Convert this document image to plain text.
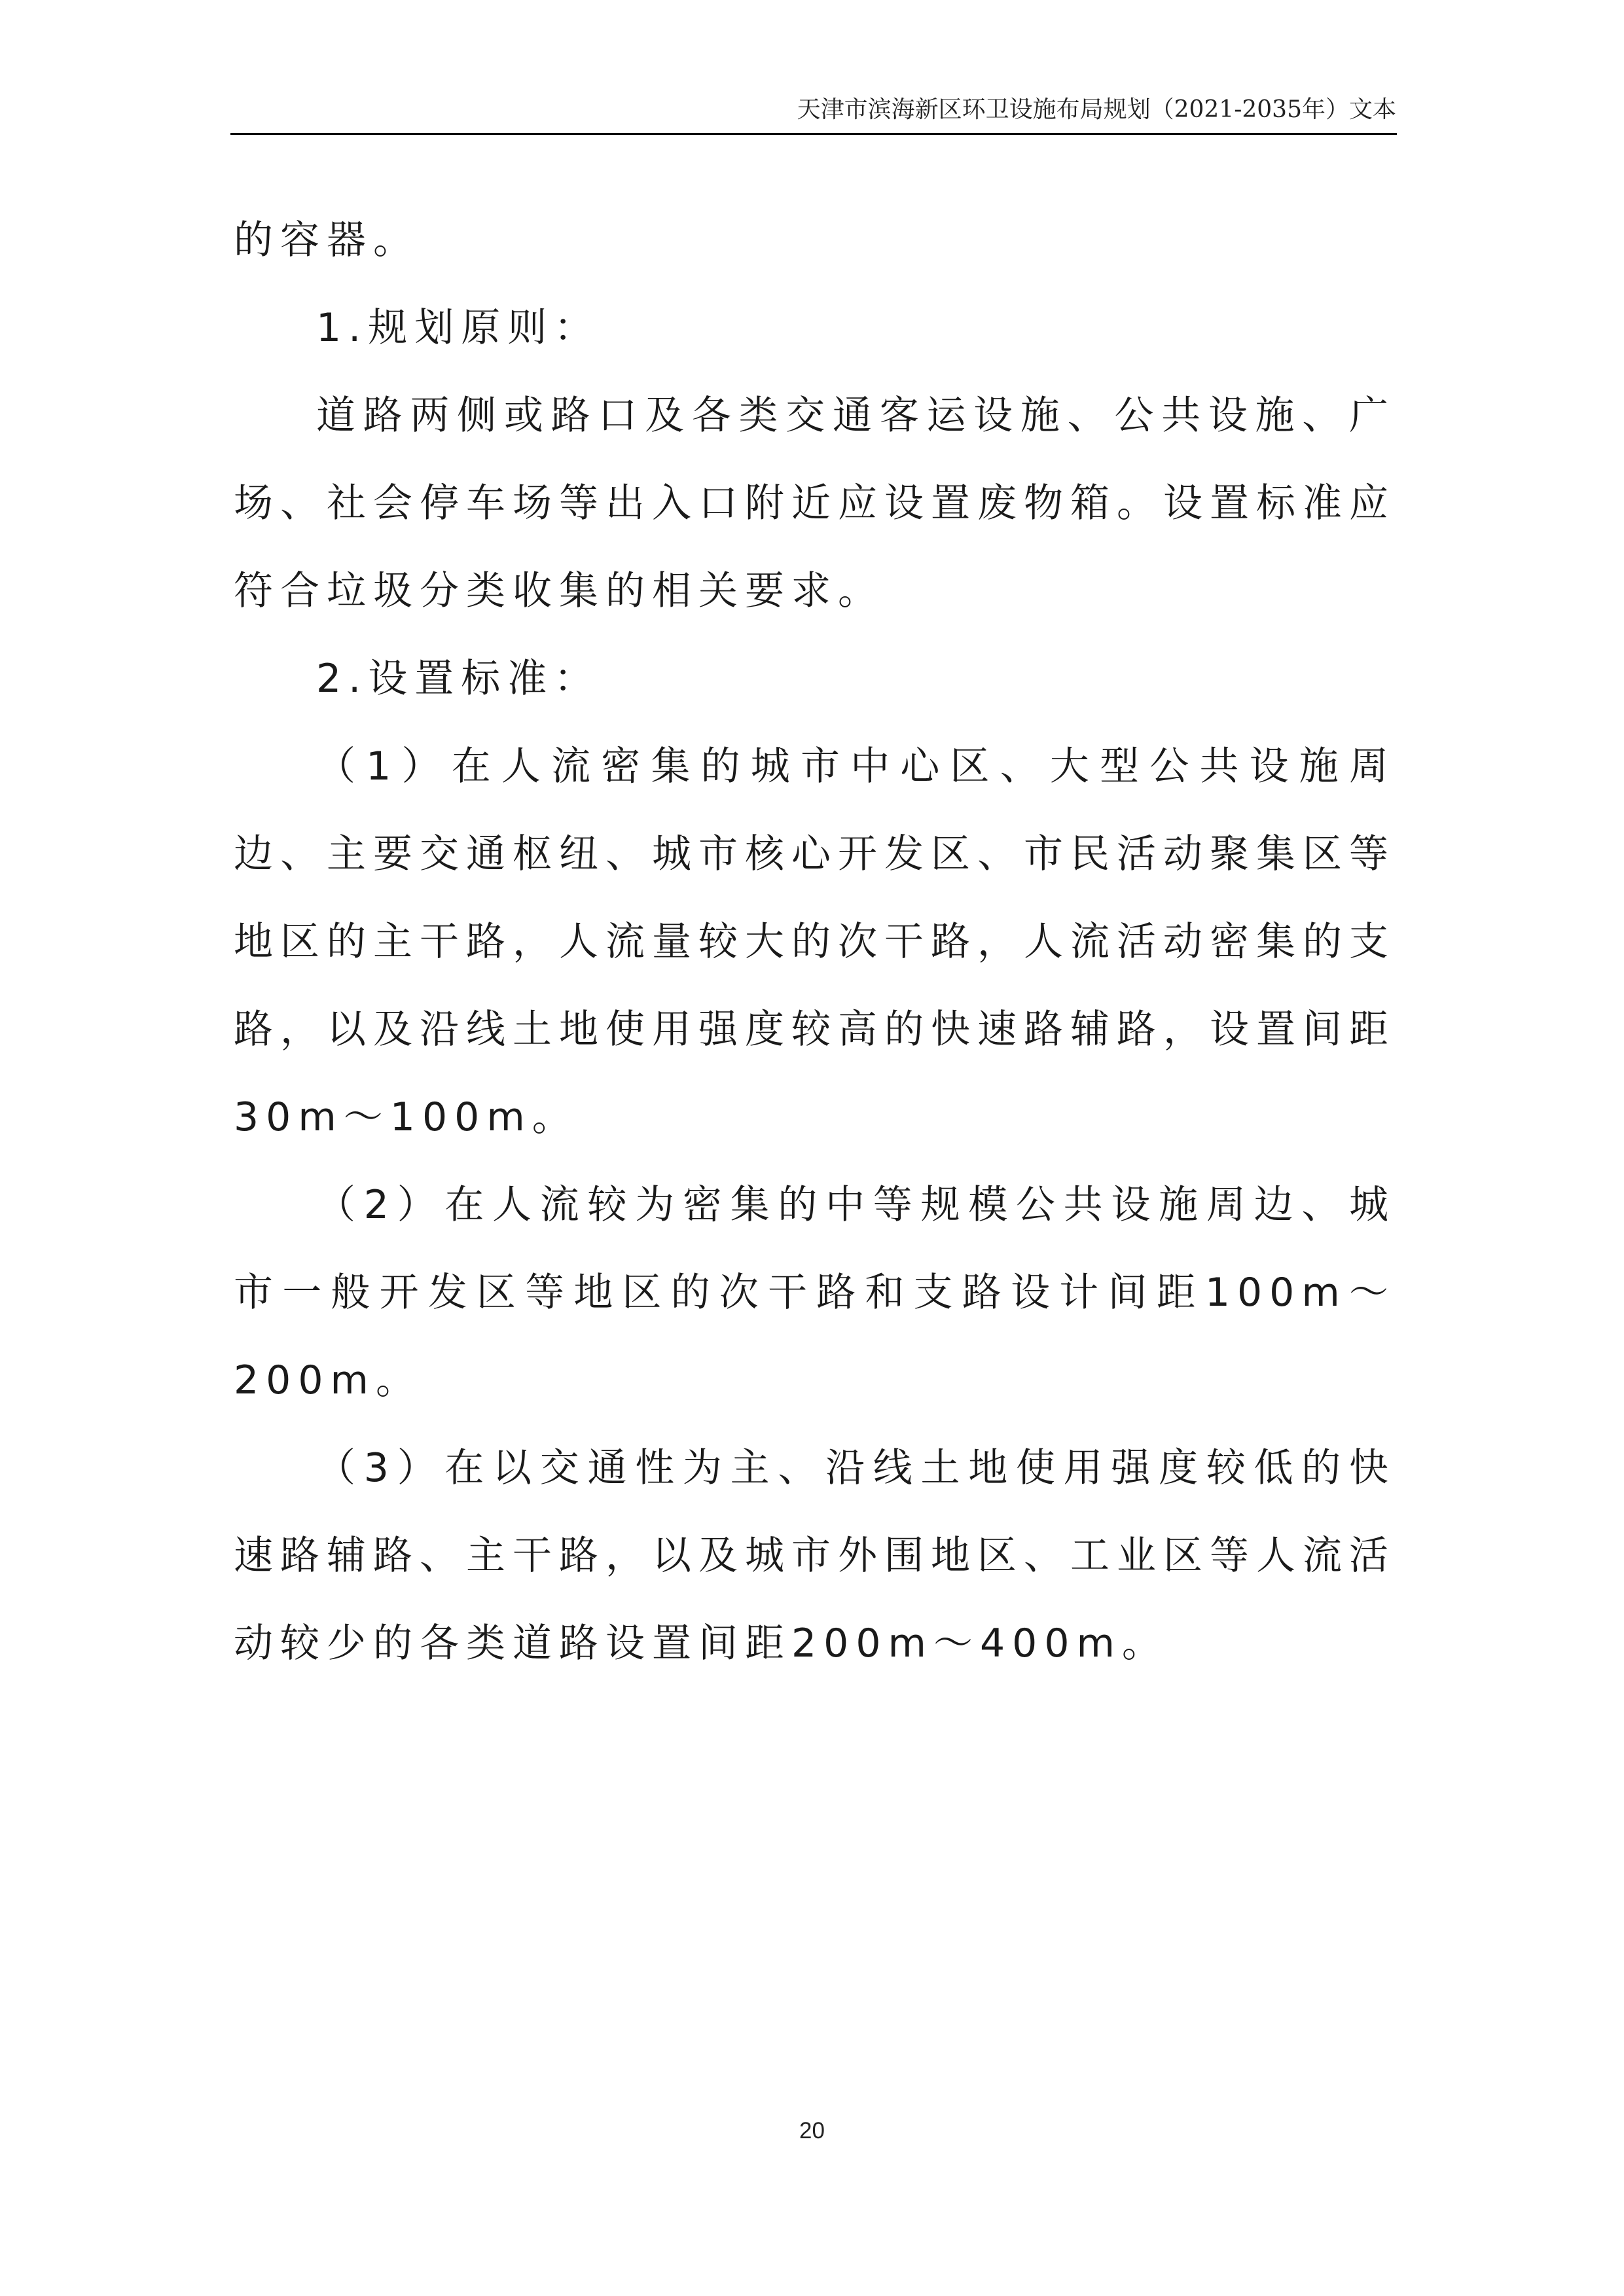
天津市滨海新区环卫设施布局规划（2021-2035年）文本

的容器。

1.规划原则：

道路两侧或路口及各类交通客运设施、公共设施、广场、社会停车场等出入口附近应设置废物箱。设置标准应符合垃圾分类收集的相关要求。

2.设置标准：

（1）在人流密集的城市中心区、大型公共设施周边、主要交通枢纽、城市核心开发区、市民活动聚集区等地区的主干路，人流量较大的次干路，人流活动密集的支路，以及沿线土地使用强度较高的快速路辅路，设置间距30m～100m。

（2）在人流较为密集的中等规模公共设施周边、城市一般开发区等地区的次干路和支路设计间距100m～200m。

（3）在以交通性为主、沿线土地使用强度较低的快速路辅路、主干路，以及城市外围地区、工业区等人流活动较少的各类道路设置间距200m～400m。

20
